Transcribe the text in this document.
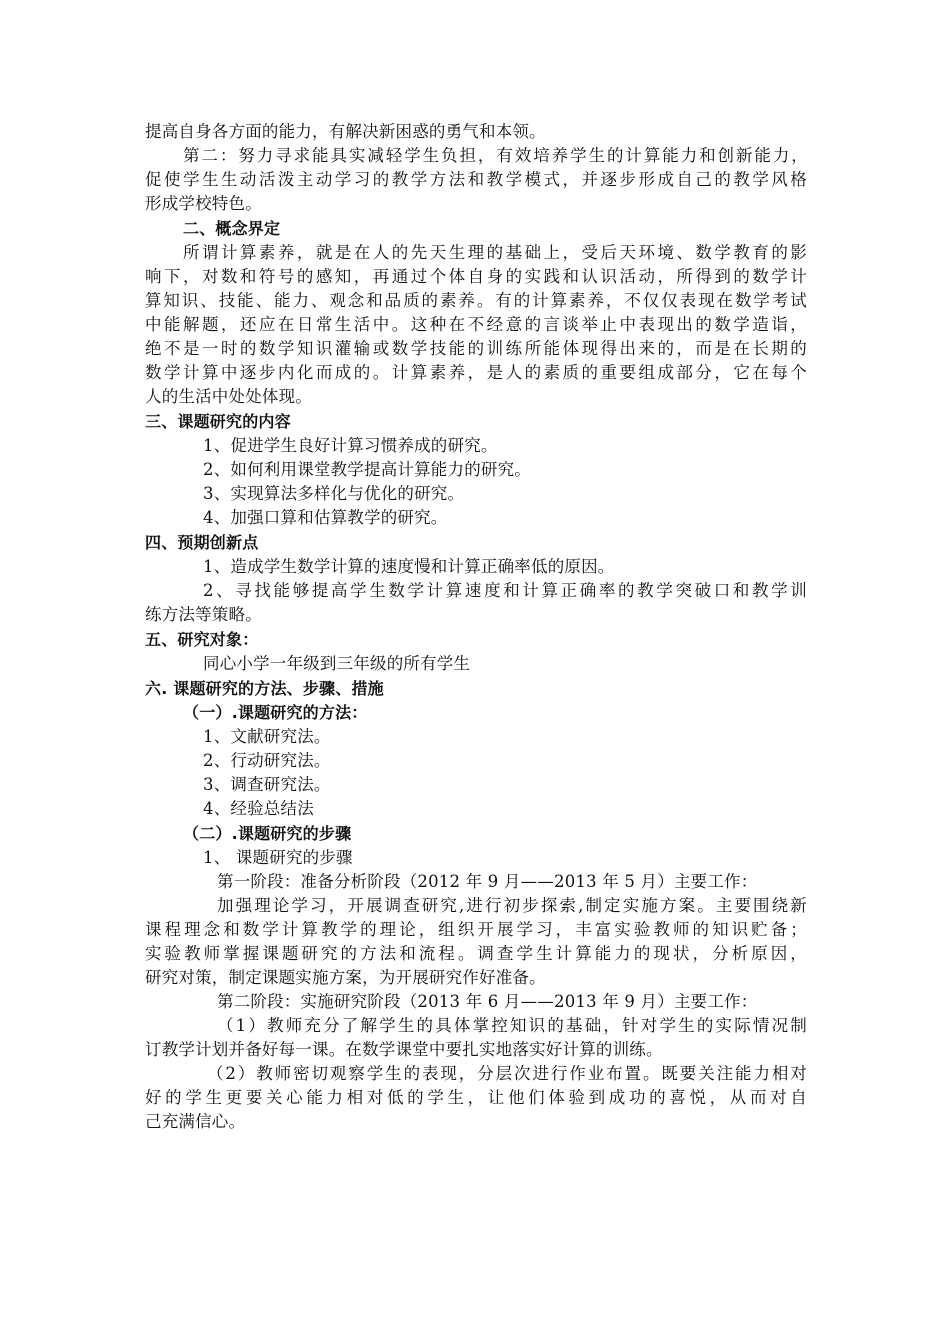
提高自身各方面的能力，有解决新困惑的勇气和本领。
第二：努力寻求能具实减轻学生负担，有效培养学生的计算能力和创新能力，
促使学生生动活泼主动学习的教学方法和教学模式，并逐步形成自己的教学风格
形成学校特色。
二、概念界定
所谓计算素养，就是在人的先天生理的基础上，受后天环境、数学教育的影
响下，对数和符号的感知，再通过个体自身的实践和认识活动，所得到的数学计
算知识、技能、能力、观念和品质的素养。有的计算素养，不仅仅表现在数学考试
中能解题，还应在日常生活中。这种在不经意的言谈举止中表现出的数学造诣，
绝不是一时的数学知识灌输或数学技能的训练所能体现得出来的，而是在长期的
数学计算中逐步内化而成的。计算素养，是人的素质的重要组成部分，它在每个
人的生活中处处体现。
三、课题研究的内容
1、促进学生良好计算习惯养成的研究。
2、如何利用课堂教学提高计算能力的研究。
3、实现算法多样化与优化的研究。
4、加强口算和估算教学的研究。
四、预期创新点
1、造成学生数学计算的速度慢和计算正确率低的原因。
2、寻找能够提高学生数学计算速度和计算正确率的教学突破口和教学训
练方法等策略。
五、研究对象：
同心小学一年级到三年级的所有学生
六. 课题研究的方法、步骤、措施
（一）.课题研究的方法：
1、文献研究法。
2、行动研究法。
3、调查研究法。
4、经验总结法
（二）.课题研究的步骤
1、 课题研究的步骤
第一阶段：准备分析阶段（2012 年 9 月——2013 年 5 月）主要工作：
加强理论学习，开展调查研究,进行初步探索,制定实施方案。主要围绕新
课程理念和数学计算教学的理论，组织开展学习，丰富实验教师的知识贮备；
实验教师掌握课题研究的方法和流程。调查学生计算能力的现状，分析原因，
研究对策，制定课题实施方案，为开展研究作好准备。
第二阶段：实施研究阶段（2013 年 6 月——2013 年 9 月）主要工作：
（1）教师充分了解学生的具体掌控知识的基础，针对学生的实际情况制
订教学计划并备好每一课。在数学课堂中要扎实地落实好计算的训练。
（2）教师密切观察学生的表现，分层次进行作业布置。既要关注能力相对
好的学生更要关心能力相对低的学生，让他们体验到成功的喜悦，从而对自
己充满信心。
